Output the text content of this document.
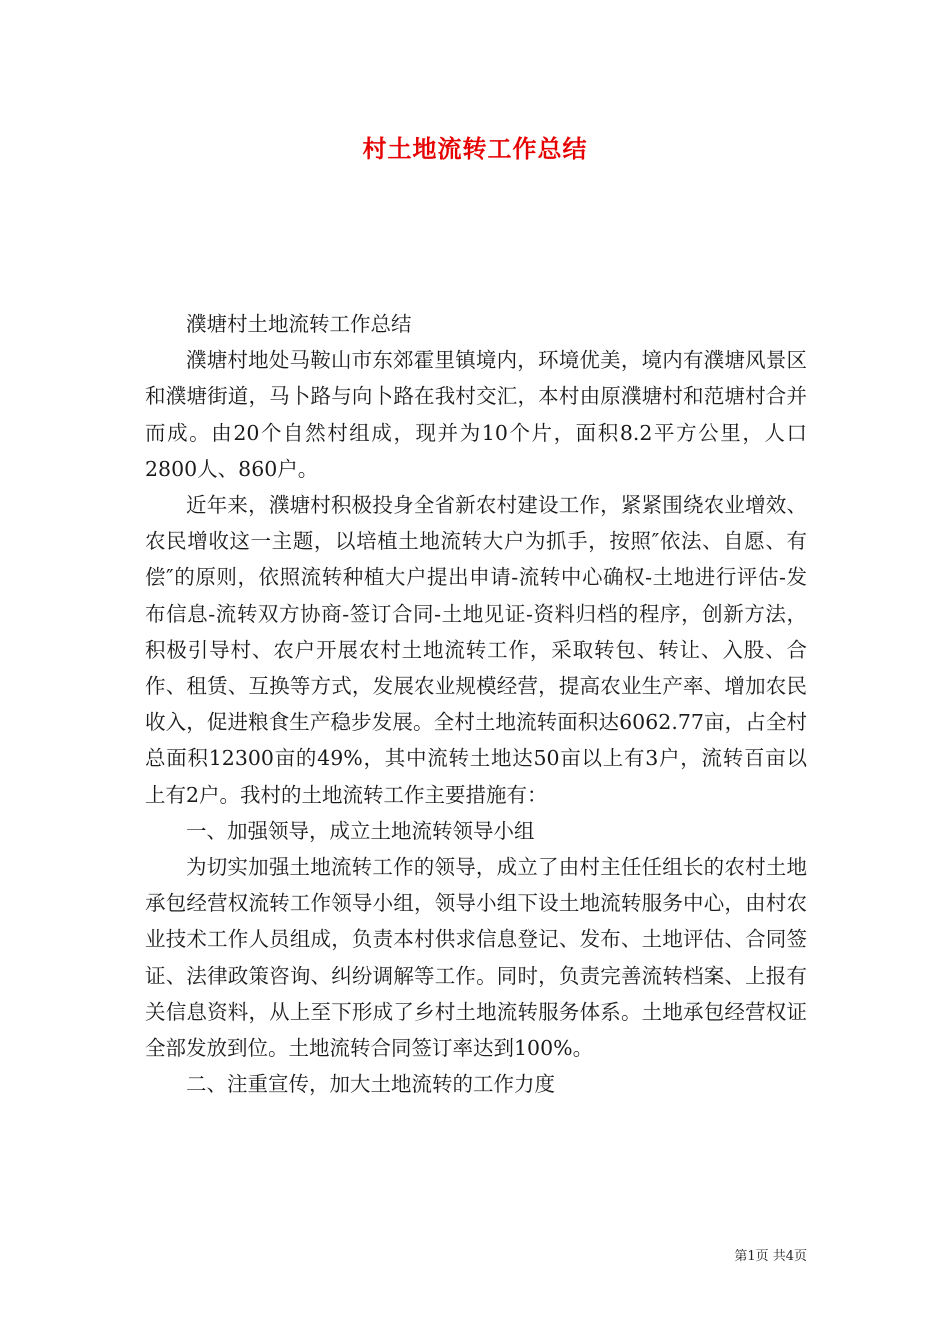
村土地流转工作总结

濮塘村土地流转工作总结

濮塘村地处马鞍山市东郊霍里镇境内，环境优美，境内有濮塘风景区和濮塘街道，马卜路与向卜路在我村交汇，本村由原濮塘村和范塘村合并而成。由20个自然村组成，现并为10个片，面积8.2平方公里，人口2800人、860户。

近年来，濮塘村积极投身全省新农村建设工作，紧紧围绕农业增效、农民增收这一主题，以培植土地流转大户为抓手，按照″依法、自愿、有偿″的原则，依照流转种植大户提出申请-流转中心确权-土地进行评估-发布信息-流转双方协商-签订合同-土地见证-资料归档的程序，创新方法，积极引导村、农户开展农村土地流转工作，采取转包、转让、入股、合作、租赁、互换等方式，发展农业规模经营，提高农业生产率、增加农民收入，促进粮食生产稳步发展。全村土地流转面积达6062.77亩，占全村总面积12300亩的49%，其中流转土地达50亩以上有3户，流转百亩以上有2户。我村的土地流转工作主要措施有：

一、加强领导，成立土地流转领导小组

为切实加强土地流转工作的领导，成立了由村主任任组长的农村土地承包经营权流转工作领导小组，领导小组下设土地流转服务中心，由村农业技术工作人员组成，负责本村供求信息登记、发布、土地评估、合同签证、法律政策咨询、纠纷调解等工作。同时，负责完善流转档案、上报有关信息资料，从上至下形成了乡村土地流转服务体系。土地承包经营权证全部发放到位。土地流转合同签订率达到100%。

二、注重宣传，加大土地流转的工作力度

第1页 共4页
